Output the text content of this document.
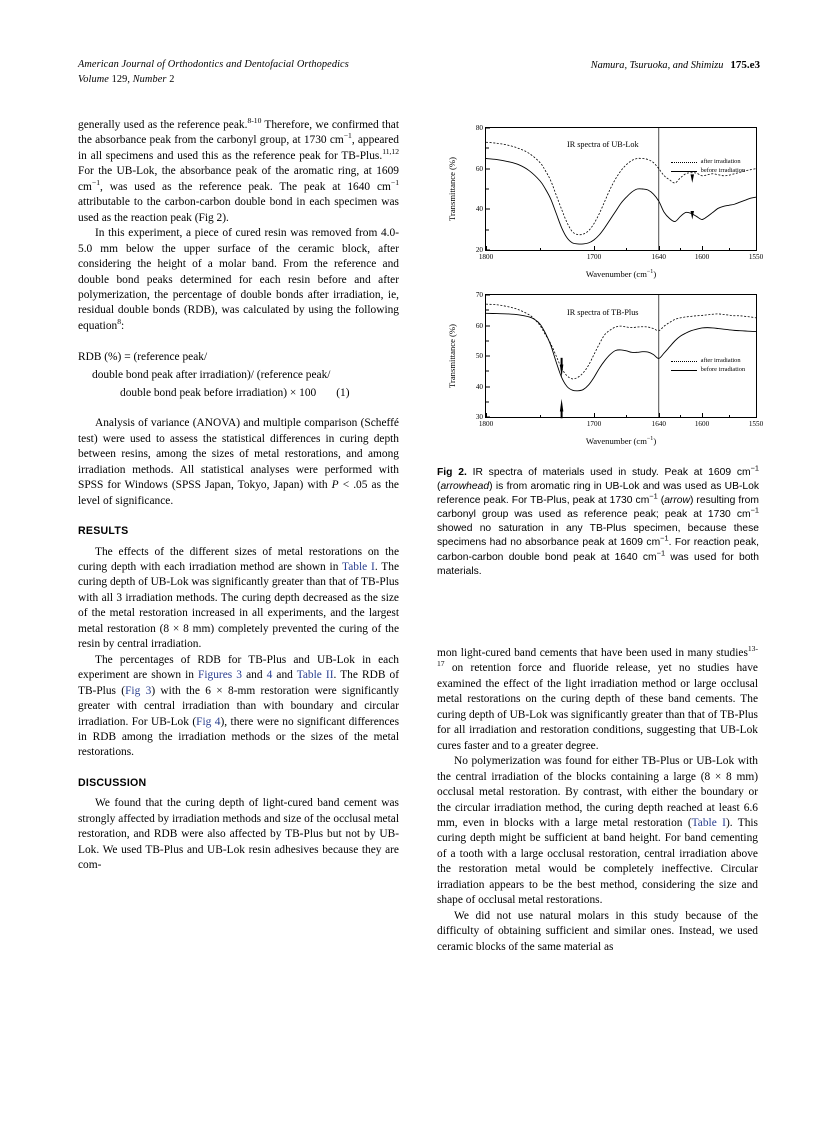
American Journal of Orthodontics and Dentofacial Orthopedics
Volume 129, Number 2
Namura, Tsuruoka, and Shimizu 175.e3

generally used as the reference peak.$^{8-10}$ Therefore, we confirmed that the absorbance peak from the carbonyl group, at 1730 $cm^{-1}$, appeared in all specimens and used this as the reference peak for TB-Plus.$^{11,12}$ For the UB-Lok, the absorbance peak of the aromatic ring, at 1609 $cm^{-1}$, was used as the reference peak. The peak at 1640 $cm^{-1}$ attributable to the carbon-carbon double bond in each specimen was used as the reaction peak (Fig 2).

In this experiment, a piece of cured resin was removed from 4.0-5.0 mm below the upper surface of the ceramic block, after considering the height of a molar band. From the reference and double bond peaks determined for each resin before and after polymerization, the percentage of double bonds after irradiation, ie, residual double bonds (RDB), was calculated by using the following equation$^8$:

RDB (%) = (reference peak/
double bond peak after irradiation)/ (reference peak/
double bond peak before irradiation) × 100 (1)

Analysis of variance (ANOVA) and multiple comparison (Scheffé test) were used to assess the statistical differences in curing depth between resins, among the sizes of metal restorations, and among irradiation methods. All statistical analyses were performed with SPSS for Windows (SPSS Japan, Tokyo, Japan) with P < .05 as the level of significance.

RESULTS

The effects of the different sizes of metal restorations on the curing depth with each irradiation method are shown in Table I. The curing depth of UB-Lok was significantly greater than that of TB-Plus with all 3 irradiation methods. The curing depth decreased as the size of the metal restoration increased in all experiments, and the largest metal restoration (8 × 8 mm) completely prevented the curing of the resin by central irradiation.

The percentages of RDB for TB-Plus and UB-Lok in each experiment are shown in Figures 3 and 4 and Table II. The RDB of TB-Plus (Fig 3) with the 6 × 8-mm restoration were significantly greater with central irradiation than with boundary and circular irradiation. For UB-Lok (Fig 4), there were no significant differences in RDB among the irradiation methods or the sizes of the metal restorations.

DISCUSSION

We found that the curing depth of light-cured band cement was strongly affected by irradiation methods and size of the occlusal metal restoration, and RDB were also affected by TB-Plus but not by UB-Lok. We used TB-Plus and UB-Lok resin adhesives because they are com-

Transmittance (%)
20
40
60
80
1800	1700	1640	1600	1550
IR spectra of UB-Lok
after irradiation
before irradiation
Wavenumber $(cm^{-1})$
Transmittance (%)
30
40
50
60
70
1800	1700	1640	1600	1550
IR spectra of TB-Plus
after irradiation
before irradiation
Wavenumber $(cm^{-1})$
Fig 2. IR spectra of materials used in study. Peak at 1609 $cm^{-1}$ (arrowhead) is from aromatic ring in UB-Lok and was used as UB-Lok reference peak. For TB-Plus, peak at 1730 $cm^{-1}$ (arrow) resulting from carbonyl group was used as reference peak; peak at 1730 $cm^{-1}$ showed no saturation in any TB-Plus specimen, because these specimens had no absorbance peak at 1609 $cm^{-1}$. For reaction peak, carbon-carbon double bond peak at 1640 $cm^{-1}$ was used for both materials.

mon light-cured band cements that have been used in many studies$^{13-17}$ on retention force and fluoride release, yet no studies have examined the effect of the light irradiation method or large occlusal metal restorations on the curing depth of these band cements. The curing depth of UB-Lok was significantly greater than that of TB-Plus for all irradiation and restoration conditions, suggesting that UB-Lok cures faster and to a greater degree.

No polymerization was found for either TB-Plus or UB-Lok with the central irradiation of the blocks containing a large (8 × 8 mm) occlusal metal restoration. By contrast, with either the boundary or the circular irradiation method, the curing depth reached at least 6.6 mm, even in blocks with a large metal restoration (Table I). This curing depth might be sufficient at band height. For band cementing of a tooth with a large occlusal restoration, central irradiation above the restoration metal would be completely ineffective. Circular irradiation appears to be the best method, considering the size and shape of occlusal metal restorations.

We did not use natural molars in this study because of the difficulty of obtaining sufficient and similar ones. Instead, we used ceramic blocks of the same material as
